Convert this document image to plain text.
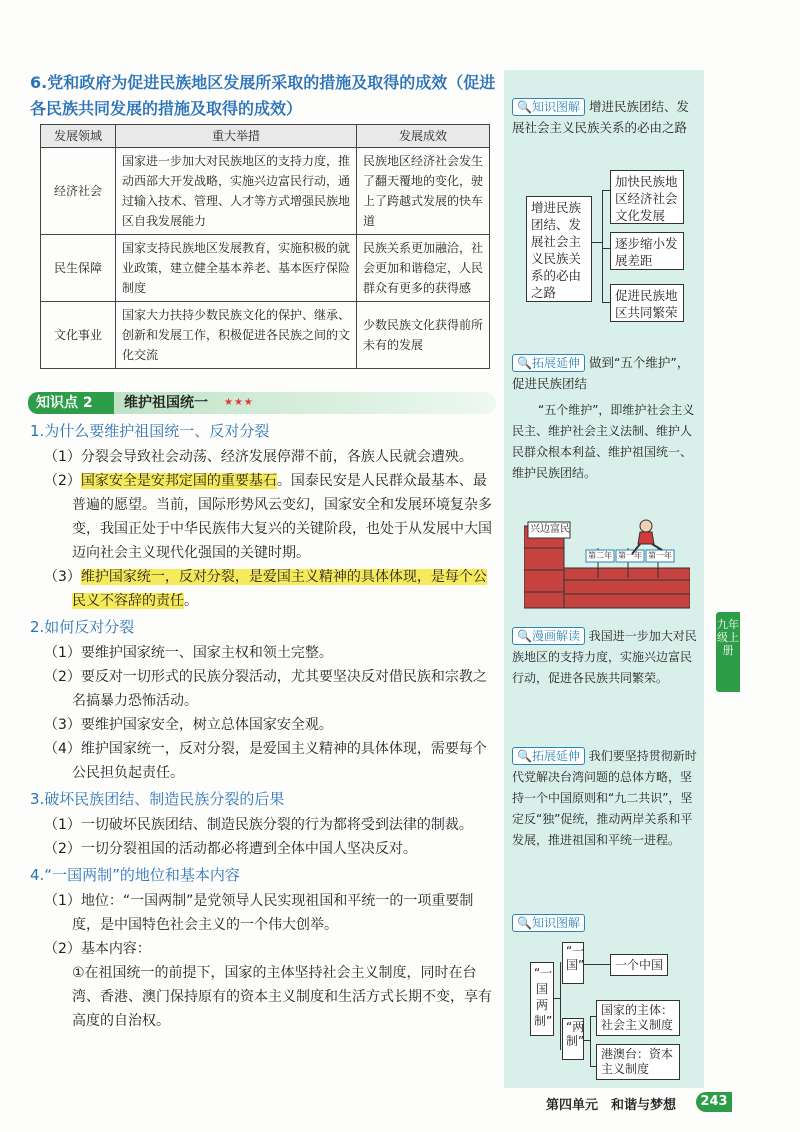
6.党和政府为促进民族地区发展所采取的措施及取得的成效（促进各民族共同发展的措施及取得的成效）
发展领域	重大举措	发展成效
经济社会	国家进一步加大对民族地区的支持力度，推动西部大开发战略，实施兴边富民行动，通过输入技术、管理、人才等方式增强民族地区自我发展能力	民族地区经济社会发生了翻天覆地的变化，驶上了跨越式发展的快车道
民生保障	国家支持民族地区发展教育，实施积极的就业政策，建立健全基本养老、基本医疗保险制度	民族关系更加融洽，社会更加和谐稳定，人民群众有更多的获得感
文化事业	国家大力扶持少数民族文化的保护、继承、创新和发展工作，积极促进各民族之间的文化交流	少数民族文化获得前所未有的发展
知识点 2	维护祖国统一 ★★★
1.为什么要维护祖国统一、反对分裂
（1）分裂会导致社会动荡、经济发展停滞不前，各族人民就会遭殃。
（2）国家安全是安邦定国的重要基石。国泰民安是人民群众最基本、最普遍的愿望。当前，国际形势风云变幻，国家安全和发展环境复杂多变，我国正处于中华民族伟大复兴的关键阶段，也处于从发展中大国迈向社会主义现代化强国的关键时期。
（3）维护国家统一，反对分裂，是爱国主义精神的具体体现，是每个公民义不容辞的责任。
2.如何反对分裂
（1）要维护国家统一、国家主权和领土完整。
（2）要反对一切形式的民族分裂活动，尤其要坚决反对借民族和宗教之名搞暴力恐怖活动。
（3）要维护国家安全，树立总体国家安全观。
（4）维护国家统一，反对分裂，是爱国主义精神的具体体现，需要每个公民担负起责任。
3.破坏民族团结、制造民族分裂的后果
（1）一切破坏民族团结、制造民族分裂的行为都将受到法律的制裁。
（2）一切分裂祖国的活动都必将遭到全体中国人坚决反对。
4.“一国两制”的地位和基本内容
（1）地位：“一国两制”是党领导人民实现祖国和平统一的一项重要制度，是中国特色社会主义的一个伟大创举。
（2）基本内容：
①在祖国统一的前提下，国家的主体坚持社会主义制度，同时在台湾、香港、澳门保持原有的资本主义制度和生活方式长期不变，享有高度的自治权。
🔍知识图解 增进民族团结、发展社会主义民族关系的必由之路
增进民族团结、发展社会主义民族关系的必由之路
加快民族地区经济社会文化发展
逐步缩小发展差距
促进民族地区共同繁荣
🔍拓展延伸 做到“五个维护”，促进民族团结
“五个维护”，即维护社会主义民主、维护社会主义法制、维护人民群众根本利益、维护祖国统一、维护民族团结。
兴边富民
第二年 第一年 第一年
🔍漫画解读 我国进一步加大对民族地区的支持力度，实施兴边富民行动，促进各民族共同繁荣。
🔍拓展延伸 我们要坚持贯彻新时代党解决台湾问题的总体方略，坚持一个中国原则和“九二共识”，坚定反“独”促统，推动两岸关系和平发展，推进祖国和平统一进程。
🔍知识图解
“一国两制”
“一国”	一个中国
“两制”
国家的主体：社会主义制度
港澳台：资本主义制度
九年级上册
第四单元　和谐与梦想	243
